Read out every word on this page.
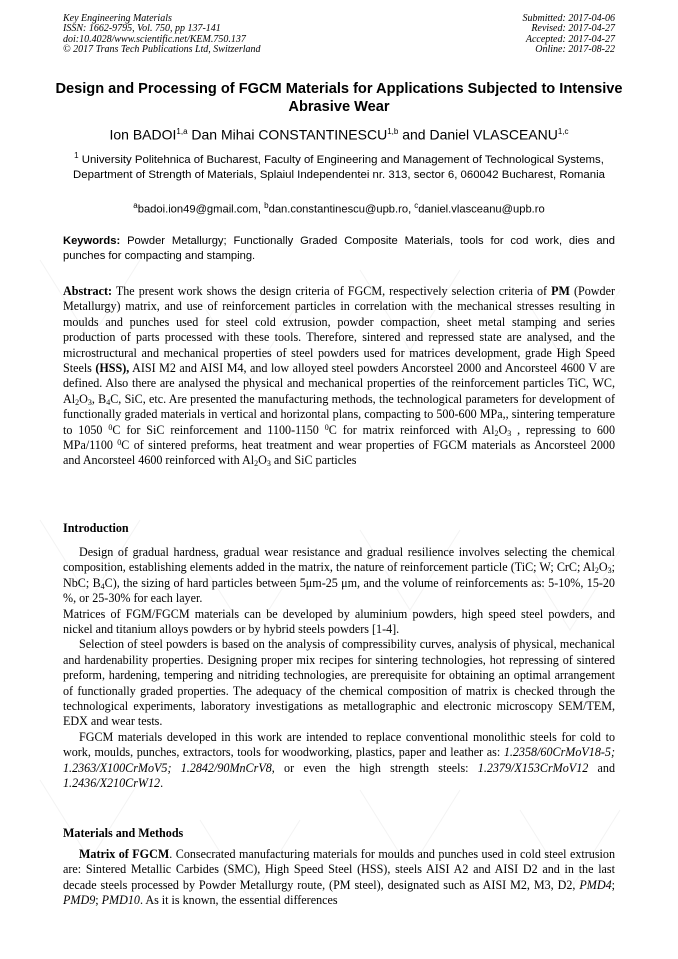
Key Engineering Materials
ISSN: 1662-9795, Vol. 750, pp 137-141
doi:10.4028/www.scientific.net/KEM.750.137
© 2017 Trans Tech Publications Ltd, Switzerland
Submitted: 2017-04-06
Revised: 2017-04-27
Accepted: 2017-04-27
Online: 2017-08-22
Design and Processing of FGCM Materials for Applications Subjected to Intensive Abrasive Wear
Ion BADOI$^{1,a}$ Dan Mihai CONSTANTINESCU$^{1,b}$ and Daniel VLASCEANU$^{1,c}$
$^1$ University Politehnica of Bucharest, Faculty of Engineering and Management of Technological Systems, Department of Strength of Materials, Splaiul Independentei nr. 313, sector 6, 060042 Bucharest, Romania
$^a$badoi.ion49@gmail.com, $^b$dan.constantinescu@upb.ro, $^c$daniel.vlasceanu@upb.ro
Keywords: Powder Metallurgy; Functionally Graded Composite Materials, tools for cod work, dies and punches for compacting and stamping.
Abstract: The present work shows the design criteria of FGCM, respectively selection criteria of PM (Powder Metallurgy) matrix, and use of reinforcement particles in correlation with the mechanical stresses resulting in moulds and punches used for steel cold extrusion, powder compaction, sheet metal stamping and series production of parts processed with these tools. Therefore, sintered and repressed state are analysed, and the microstructural and mechanical properties of steel powders used for matrices development, grade High Speed Steels (HSS), AISI M2 and AISI M4, and low alloyed steel powders Ancorsteel 2000 and Ancorsteel 4600 V are defined. Also there are analysed the physical and mechanical properties of the reinforcement particles TiC, WC, $Al_2O_3$, $B_4C$, SiC, etc. Are presented the manufacturing methods, the technological parameters for development of functionally graded materials in vertical and horizontal plans, compacting to 500-600 MPa,, sintering temperature to 1050 $^0$C for SiC reinforcement and 1100-1150 $^0$C for matrix reinforced with $Al_2O_3$ , repressing to 600 MPa/1100 $^0$C of sintered preforms, heat treatment and wear properties of FGCM materials as Ancorsteel 2000 and Ancorsteel 4600 reinforced with $Al_2O_3$ and SiC particles
Introduction

Design of gradual hardness, gradual wear resistance and gradual resilience involves selecting the chemical composition, establishing elements added in the matrix, the nature of reinforcement particle (TiC; W; CrC; $Al_2O_3$; NbC; $B_4C$), the sizing of hard particles between 5μm-25 μm, and the volume of reinforcements as: 5-10%, 15-20 %, or 25-30% for each layer.

Matrices of FGM/FGCM materials can be developed by aluminium powders, high speed steel powders, and nickel and titanium alloys powders or by hybrid steels powders [1-4].

Selection of steel powders is based on the analysis of compressibility curves, analysis of physical, mechanical and hardenability properties. Designing proper mix recipes for sintering technologies, hot repressing of sintered preform, hardening, tempering and nitriding technologies, are prerequisite for obtaining an optimal arrangement of functionally graded properties. The adequacy of the chemical composition of matrix is checked through the technological experiments, laboratory investigations as metallographic and electronic microscopy SEM/TEM, EDX and wear tests.

FGCM materials developed in this work are intended to replace conventional monolithic steels for cold to work, moulds, punches, extractors, tools for woodworking, plastics, paper and leather as: 1.2358/60CrMoV18-5; 1.2363/X100CrMoV5; 1.2842/90MnCrV8, or even the high strength steels: 1.2379/X153CrMoV12 and 1.2436/X210CrW12.

Materials and Methods

Matrix of FGCM. Consecrated manufacturing materials for moulds and punches used in cold steel extrusion are: Sintered Metallic Carbides (SMC), High Speed Steel (HSS), steels AISI A2 and AISI D2 and in the last decade steels processed by Powder Metallurgy route, (PM steel), designated such as AISI M2, M3, D2, PMD4; PMD9; PMD10. As it is known, the essential differences
